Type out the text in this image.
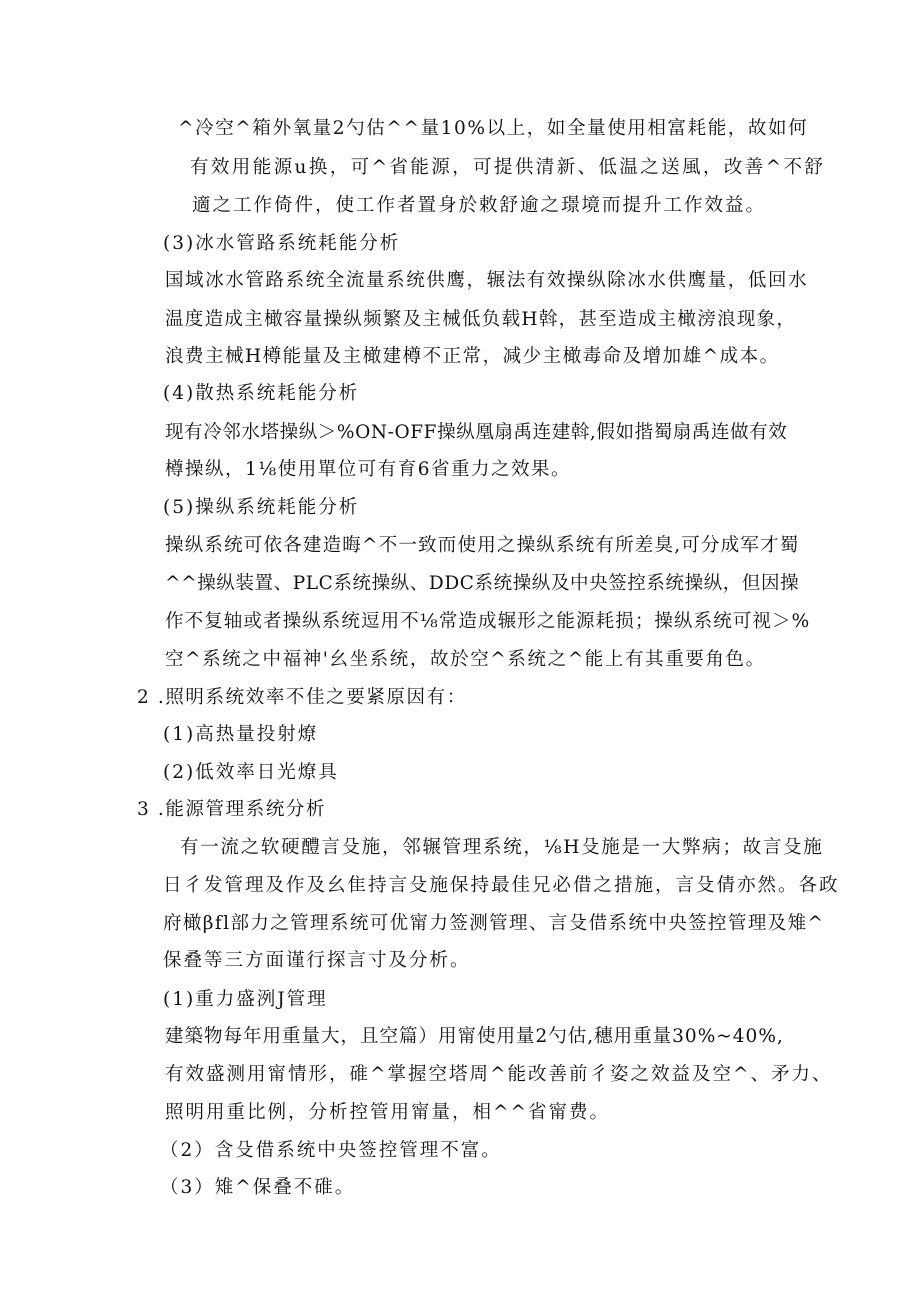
^冷空^箱外氧量2勺估^^量10%以上，如全量使用相富耗能，故如何
有效用能源u换，可^省能源，可提供清新、低温之送風，改善^不舒
適之工作倚件，使工作者置身於敕舒逾之璟境而提升工作效益。
(3)冰水管路系统耗能分析
国域冰水管路系统全流量系统供鹰，辗法有效操纵除冰水供鹰量，低回水
温度造成主橄容量操纵频繁及主械低负载H斡，甚至造成主橄滂浪现象，
浪费主械H樽能量及主橄建樽不正常，减少主橄毒命及增加雄^成本。
(4)散热系统耗能分析
现有冷邻水塔操纵＞%ON-OFF操纵凰扇禹连建斡,假如揩蜀扇禹连做有效
樽操纵，1⅛使用單位可有育6省重力之效果。
(5)操纵系统耗能分析
操纵系统可依各建造晦^不一致而使用之操纵系统有所差臭,可分成军才蜀
^^操纵装置、PLC系统操纵、DDC系统操纵及中央签控系统操纵，但因操
作不复轴或者操纵系统逗用不⅛常造成辗形之能源耗损；操纵系统可视＞%
空^系统之中福神'幺坐系统，故於空^系统之^能上有其重要角色。
2 .照明系统效率不佳之要紧原因有：
(1)高热量投射燎
(2)低效率日光燎具
3 .能源管理系统分析
有一流之软硬醴言殳施，邻辗管理系统，⅛H殳施是一大弊病；故言殳施
日彳发管理及作及幺隹持言殳施保持最佳兄必借之措施，言殳倩亦然。各政
府橄βfl部力之管理系统可优甯力签测管理、言殳借系统中央签控管理及雉^
保叠等三方面谨行探言寸及分析。
(1)重力盛洌J管理
建築物每年用重量大，且空篇）用甯使用量2勺估,穗用重量30%~40%,
有效盛测用甯情形，碓^掌握空塔周^能改善前彳姿之效益及空^、矛力、
照明用重比例，分析控管用甯量，相^^省甯费。
（2）含殳借系统中央签控管理不富。
（3）雉^保叠不碓。
